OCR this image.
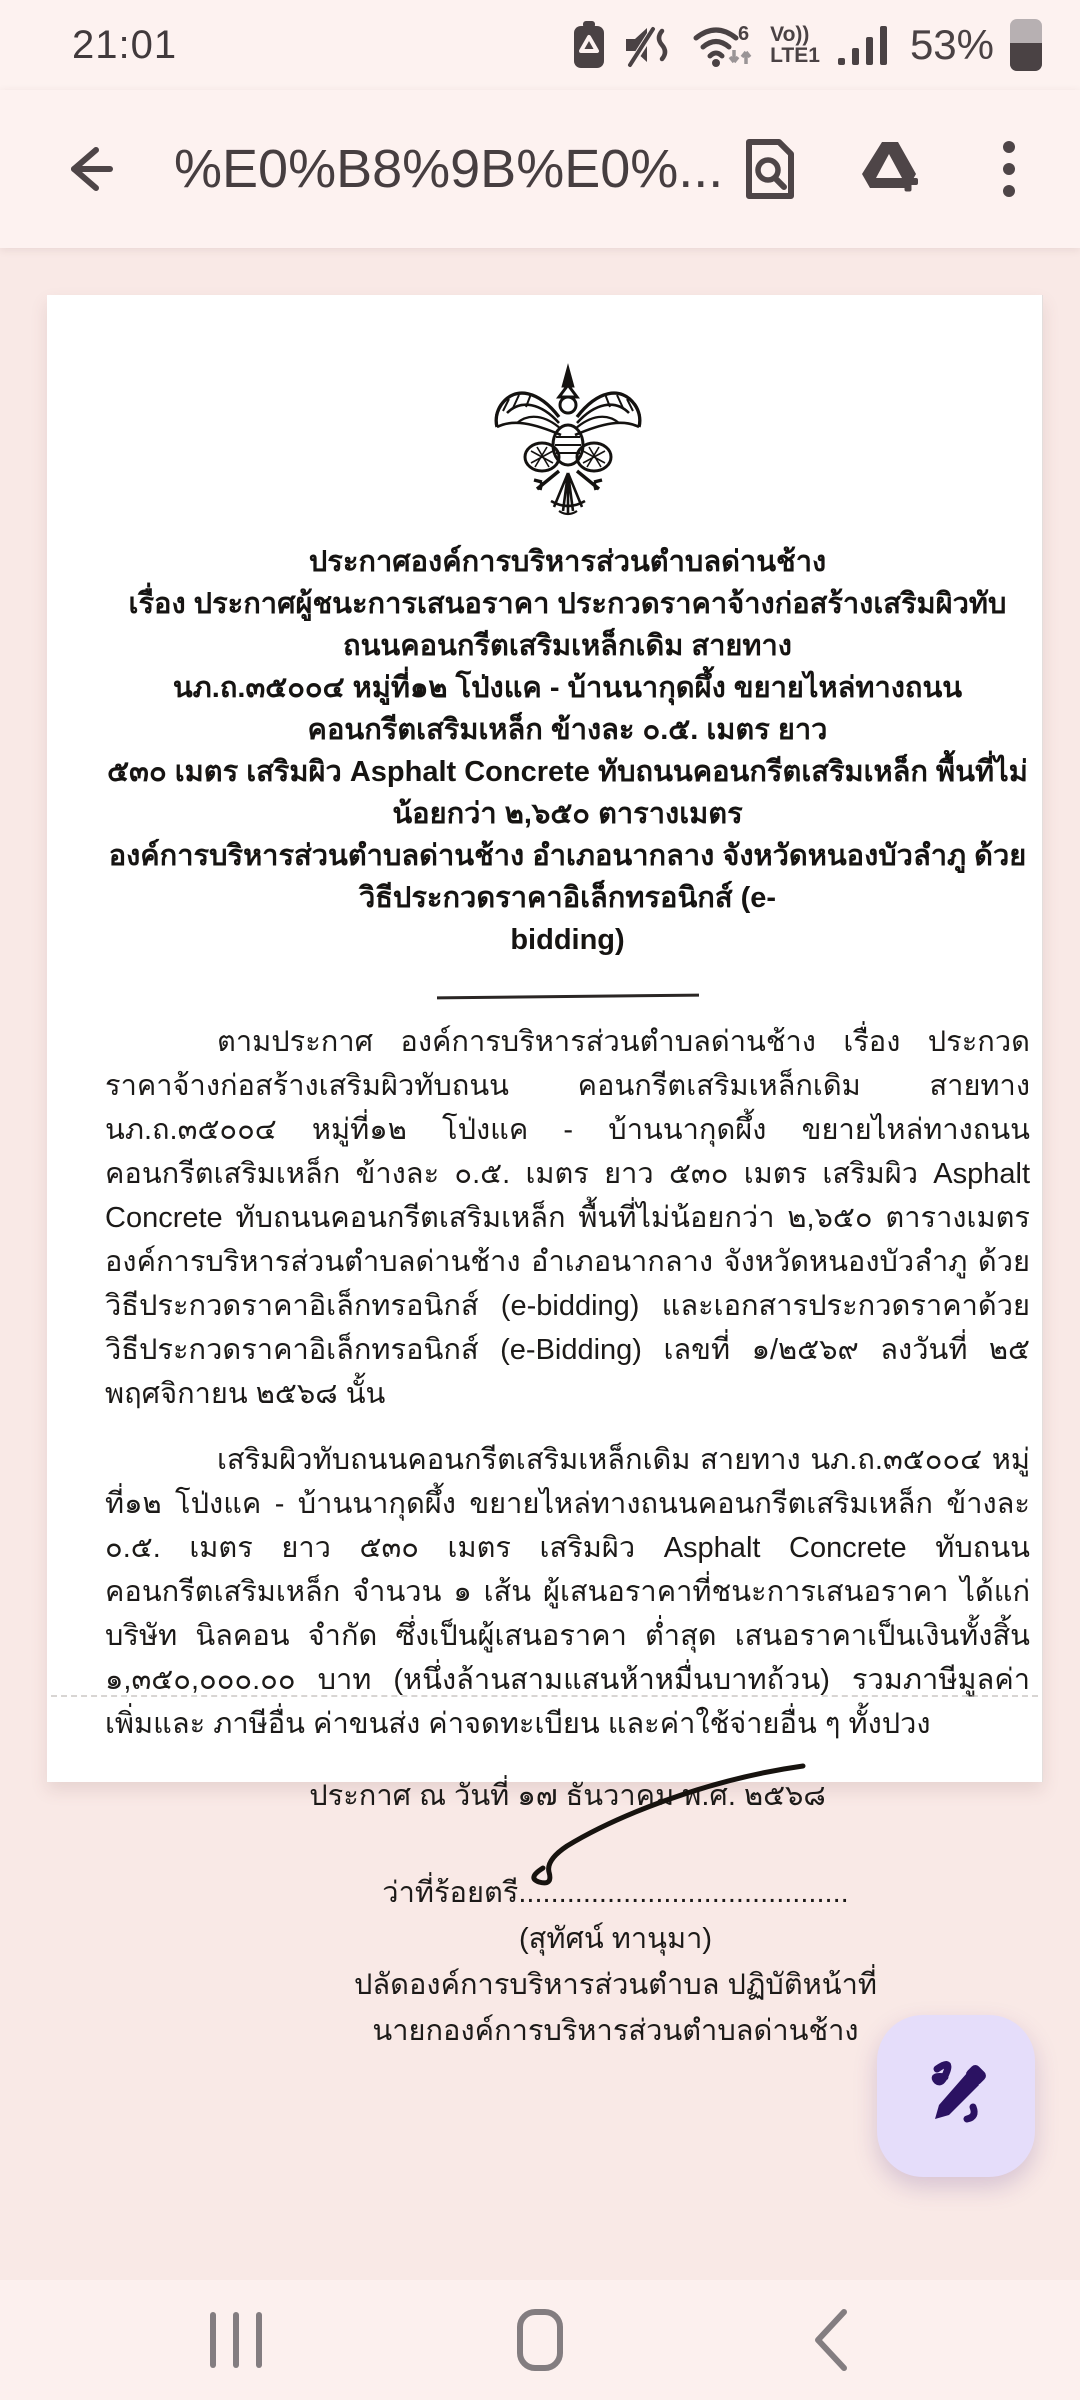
21:01	6 Vo))
LTE1 53%
%E0%B8%9B%E0%...
ประกาศองค์การบริหารส่วนตำบลด่านช้าง
เรื่อง ประกาศผู้ชนะการเสนอราคา ประกวดราคาจ้างก่อสร้างเสริมผิวทับถนนคอนกรีตเสริมเหล็กเดิม สายทาง
นภ.ถ.๓๕๐๐๔ หมู่ที่๑๒ โป่งแค - บ้านนากุดผึ้ง ขยายไหล่ทางถนนคอนกรีตเสริมเหล็ก ข้างละ ๐.๕. เมตร ยาว
๕๓๐ เมตร เสริมผิว Asphalt Concrete ทับถนนคอนกรีตเสริมเหล็ก พื้นที่ไม่น้อยกว่า ๒,๖๕๐ ตารางเมตร
องค์การบริหารส่วนตำบลด่านช้าง อำเภอนากลาง จังหวัดหนองบัวลำภู ด้วยวิธีประกวดราคาอิเล็กทรอนิกส์ (e-
bidding)

ตามประกาศ องค์การบริหารส่วนตำบลด่านช้าง เรื่อง ประกวดราคาจ้างก่อสร้างเสริมผิวทับถนน คอนกรีตเสริมเหล็กเดิม สายทาง นภ.ถ.๓๕๐๐๔ หมู่ที่๑๒ โป่งแค - บ้านนากุดผึ้ง ขยายไหล่ทางถนน คอนกรีตเสริมเหล็ก ข้างละ ๐.๕. เมตร ยาว ๕๓๐ เมตร เสริมผิว Asphalt Concrete ทับถนนคอนกรีตเสริมเหล็ก พื้นที่ไม่น้อยกว่า ๒,๖๕๐ ตารางเมตร องค์การบริหารส่วนตำบลด่านช้าง อำเภอนากลาง จังหวัดหนองบัวลำภู ด้วยวิธีประกวดราคาอิเล็กทรอนิกส์ (e-bidding) และเอกสารประกวดราคาด้วยวิธีประกวดราคาอิเล็กทรอนิกส์ (e-Bidding) เลขที่ ๑/๒๕๖๙ ลงวันที่ ๒๕ พฤศจิกายน ๒๕๖๘ นั้น

เสริมผิวทับถนนคอนกรีตเสริมเหล็กเดิม สายทาง นภ.ถ.๓๕๐๐๔ หมู่ที่๑๒ โป่งแค - บ้านนากุดผึ้ง ขยายไหล่ทางถนนคอนกรีตเสริมเหล็ก ข้างละ ๐.๕. เมตร ยาว ๕๓๐ เมตร เสริมผิว Asphalt Concrete ทับถนน คอนกรีตเสริมเหล็ก จำนวน ๑ เส้น ผู้เสนอราคาที่ชนะการเสนอราคา ได้แก่ บริษัท นิลคอน จำกัด ซึ่งเป็นผู้เสนอราคา ต่ำสุด เสนอราคาเป็นเงินทั้งสิ้น ๑,๓๕๐,๐๐๐.๐๐ บาท (หนึ่งล้านสามแสนห้าหมื่นบาทถ้วน) รวมภาษีมูลค่าเพิ่มและ ภาษีอื่น ค่าขนส่ง ค่าจดทะเบียน และค่าใช้จ่ายอื่น ๆ ทั้งปวง

ประกาศ ณ วันที่ ๑๗ ธันวาคม พ.ศ. ๒๕๖๘
ว่าที่ร้อยตรี.........................................
(สุทัศน์ ทานุมา)
ปลัดองค์การบริหารส่วนตำบล ปฏิบัติหน้าที่
นายกองค์การบริหารส่วนตำบลด่านช้าง
